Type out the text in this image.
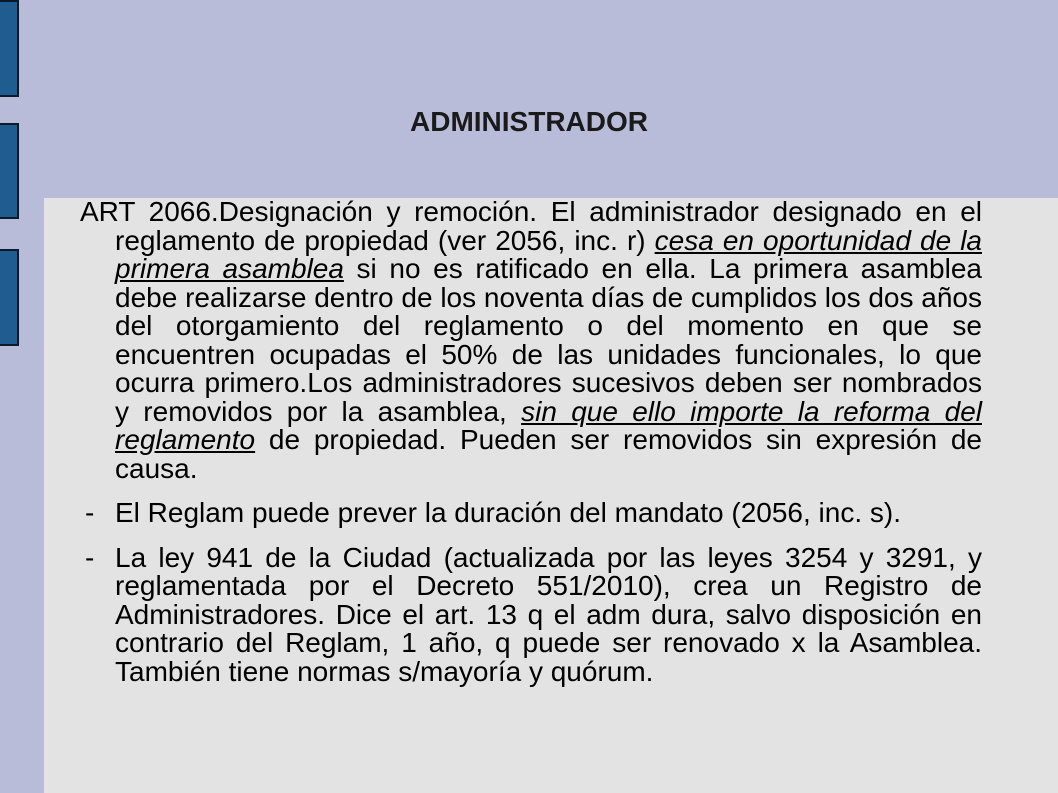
ADMINISTRADOR

ART 2066.Designación y remoción. El administrador designado en el reglamento de propiedad (ver 2056, inc. r) cesa en oportunidad de la primera asamblea si no es ratificado en ella. La primera asamblea debe realizarse dentro de los noventa días de cumplidos los dos años del otorgamiento del reglamento o del momento en que se encuentren ocupadas el 50% de las unidades funcionales, lo que ocurra primero.Los administradores sucesivos deben ser nombrados y removidos por la asamblea, sin que ello importe la reforma del reglamento de propiedad. Pueden ser removidos sin expresión de causa.

- El Reglam puede prever la duración del mandato (2056, inc. s).

- La ley 941 de la Ciudad (actualizada por las leyes 3254 y 3291, y reglamentada por el Decreto 551/2010), crea un Registro de Administradores. Dice el art. 13 q el adm dura, salvo disposición en contrario del Reglam, 1 año, q puede ser renovado x la Asamblea. También tiene normas s/mayoría y quórum.
